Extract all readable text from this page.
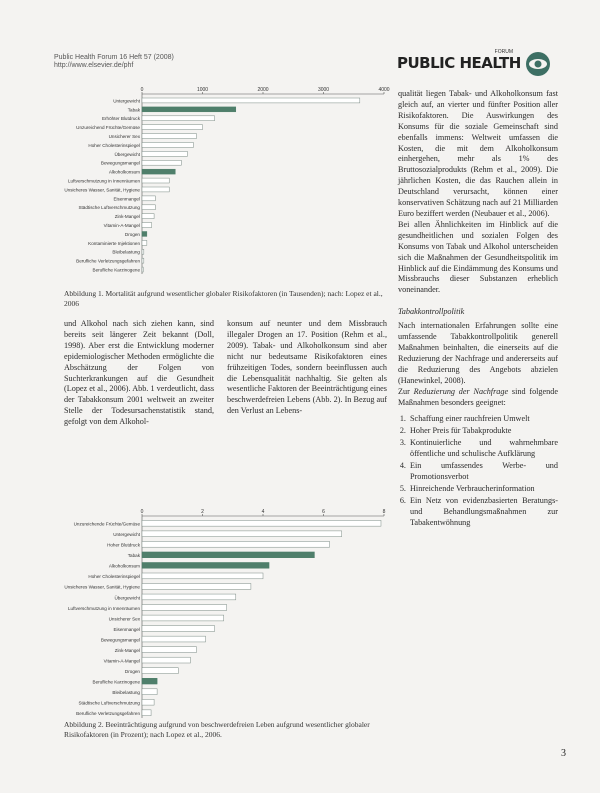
Public Health Forum 16 Heft 57 (2008)
http://www.elsevier.de/phf
FORUM
PUBLIC HEALTH
0	1000	2000	3000	4000
Untergewicht
Tabak
Erhöhter Blutdruck
Unzureichend Früchte/Gemüse
Unsicherer Sex
Hoher Cholesterinspiegel
Übergewicht
Bewegungsmangel
Alkoholkonsum
Luftverschmutzung in Innenräumen
Unsicheres Wasser, Sanität, Hygiene
Eisenmangel
Städtische Luftverschmutzung
Zink-Mangel
Vitamin-A-Mangel
Drogen
Kontaminierte Injektionen
Bleibelastung
Berufliche Verletzungsgefahren
Berufliche Karzinogene
Abbildung 1. Mortalität aufgrund wesentlicher globaler Risikofaktoren (in Tausenden); nach: Lopez et al., 2006

und Alkohol nach sich ziehen kann, sind bereits seit längerer Zeit bekannt (Doll, 1998). Aber erst die Entwicklung moderner epidemiologischer Methoden ermöglichte die Abschätzung der Folgen von Suchterkrankungen auf die Gesundheit (Lopez et al., 2006). Abb. 1 verdeutlicht, dass der Tabakkonsum 2001 weltweit an zweiter Stelle der Todesursachenstatistik stand, gefolgt von dem Alkohol-

konsum auf neunter und dem Missbrauch illegaler Drogen an 17. Position (Rehm et al., 2009). Tabak- und Alkoholkonsum sind aber nicht nur bedeutsame Risikofaktoren eines frühzeitigen Todes, sondern beeinflussen auch die Lebensqualität nachhaltig. Sie gelten als wesentliche Faktoren der Beeinträchtigung eines beschwerdefreien Lebens (Abb. 2). In Bezug auf den Verlust an Lebens-

qualität liegen Tabak- und Alkoholkonsum fast gleich auf, an vierter und fünfter Position aller Risikofaktoren. Die Auswirkungen des Konsums für die soziale Gemeinschaft sind ebenfalls immens: Weltweit umfassen die Kosten, die mit dem Alkoholkonsum einhergehen, mehr als 1% des Bruttosozialprodukts (Rehm et al., 2009). Die jährlichen Kosten, die das Rauchen allein in Deutschland verursacht, können einer konservativen Schätzung nach auf 21 Milliarden Euro beziffert werden (Neubauer et al., 2006).

Bei allen Ähnlichkeiten im Hinblick auf die gesundheitlichen und sozialen Folgen des Konsums von Tabak und Alkohol unterscheiden sich die Maßnahmen der Gesundheitspolitik im Hinblick auf die Eindämmung des Konsums und Missbrauchs dieser Substanzen erheblich voneinander.

Tabakkontrollpolitik

Nach internationalen Erfahrungen sollte eine umfassende Tabakkontrollpolitik generell Maßnahmen beinhalten, die einerseits auf die Reduzierung der Nachfrage und andererseits auf die Reduzierung des Angebots abzielen (Hanewinkel, 2008).

Zur Reduzierung der Nachfrage sind folgende Maßnahmen besonders geeignet:

1. Schaffung einer rauchfreien Umwelt
2. Hoher Preis für Tabakprodukte
3. Kontinuierliche und wahrnehmbare öffentliche und schulische Aufklärung
4. Ein umfassendes Werbe- und Promotionsverbot
5. Hinreichende Verbraucherinformation
6. Ein Netz von evidenzbasierten Beratungs- und Behandlungsmaßnahmen zur Tabakentwöhnung
0	2	4	6	8
Unzureichende Früchte/Gemüse
Untergewicht
Hoher Blutdruck
Tabak
Alkoholkonsum
Hoher Cholesterinspiegel
Unsicheres Wasser, Sanität, Hygiene
Übergewicht
Luftverschmutzung in Innenräumen
Unsicherer Sex
Eisenmangel
Bewegungsmangel
Zink-Mangel
Vitamin-A-Mangel
Drogen
Berufliche Karzinogene
Bleibelastung
Städtische Luftverschmutzung
Berufliche Verletzungsgefahren
Abbildung 2. Beeinträchtigung aufgrund von beschwerdefreien Leben aufgrund wesentlicher globaler Risikofaktoren (in Prozent); nach Lopez et al., 2006.
3
